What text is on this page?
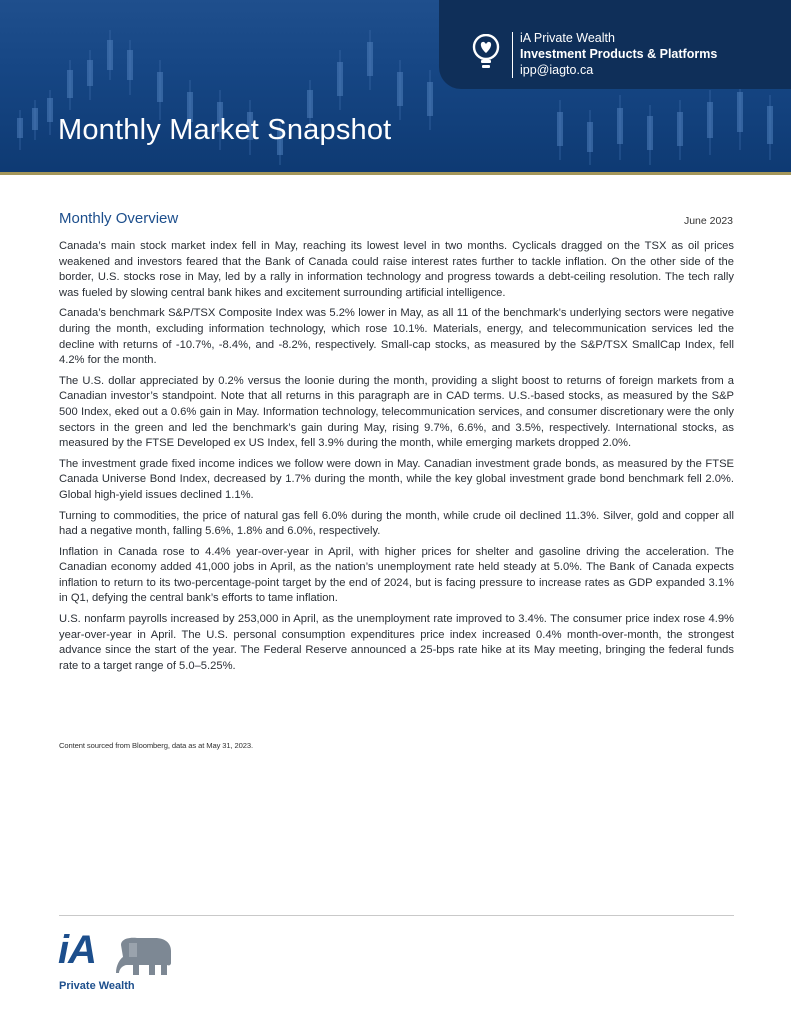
Monthly Market Snapshot
iA Private Wealth
Investment Products & Platforms
ipp@iagto.ca
Monthly Overview	June 2023

Canada’s main stock market index fell in May, reaching its lowest level in two months. Cyclicals dragged on the TSX as oil prices weakened and investors feared that the Bank of Canada could raise interest rates further to tackle inflation. On the other side of the border, U.S. stocks rose in May, led by a rally in information technology and progress towards a debt-ceiling resolution. The tech rally was fueled by slowing central bank hikes and excitement surrounding artificial intelligence.

Canada’s benchmark S&P/TSX Composite Index was 5.2% lower in May, as all 11 of the benchmark’s underlying sectors were negative during the month, excluding information technology, which rose 10.1%. Materials, energy, and telecommunication services led the decline with returns of -10.7%, -8.4%, and -8.2%, respectively. Small-cap stocks, as measured by the S&P/TSX SmallCap Index, fell 4.2% for the month.

The U.S. dollar appreciated by 0.2% versus the loonie during the month, providing a slight boost to returns of foreign markets from a Canadian investor’s standpoint. Note that all returns in this paragraph are in CAD terms. U.S.-based stocks, as measured by the S&P 500 Index, eked out a 0.6% gain in May. Information technology, telecommunication services, and consumer discretionary were the only sectors in the green and led the benchmark’s gain during May, rising 9.7%, 6.6%, and 3.5%, respectively. International stocks, as measured by the FTSE Developed ex US Index, fell 3.9% during the month, while emerging markets dropped 2.0%.

The investment grade fixed income indices we follow were down in May. Canadian investment grade bonds, as measured by the FTSE Canada Universe Bond Index, decreased by 1.7% during the month, while the key global investment grade bond benchmark fell 2.0%. Global high-yield issues declined 1.1%.

Turning to commodities, the price of natural gas fell 6.0% during the month, while crude oil declined 11.3%. Silver, gold and copper all had a negative month, falling 5.6%, 1.8% and 6.0%, respectively.

Inflation in Canada rose to 4.4% year-over-year in April, with higher prices for shelter and gasoline driving the acceleration. The Canadian economy added 41,000 jobs in April, as the nation’s unemployment rate held steady at 5.0%. The Bank of Canada expects inflation to return to its two-percentage-point target by the end of 2024, but is facing pressure to increase rates as GDP expanded 3.1% in Q1, defying the central bank’s efforts to tame inflation.

U.S. nonfarm payrolls increased by 253,000 in April, as the unemployment rate improved to 3.4%. The consumer price index rose 4.9% year-over-year in April. The U.S. personal consumption expenditures price index increased 0.4% month-over-month, the strongest advance since the start of the year. The Federal Reserve announced a 25-bps rate hike at its May meeting, bringing the federal funds rate to a target range of 5.0–5.25%.

Content sourced from Bloomberg, data as at May 31, 2023.
iA
Private Wealth
